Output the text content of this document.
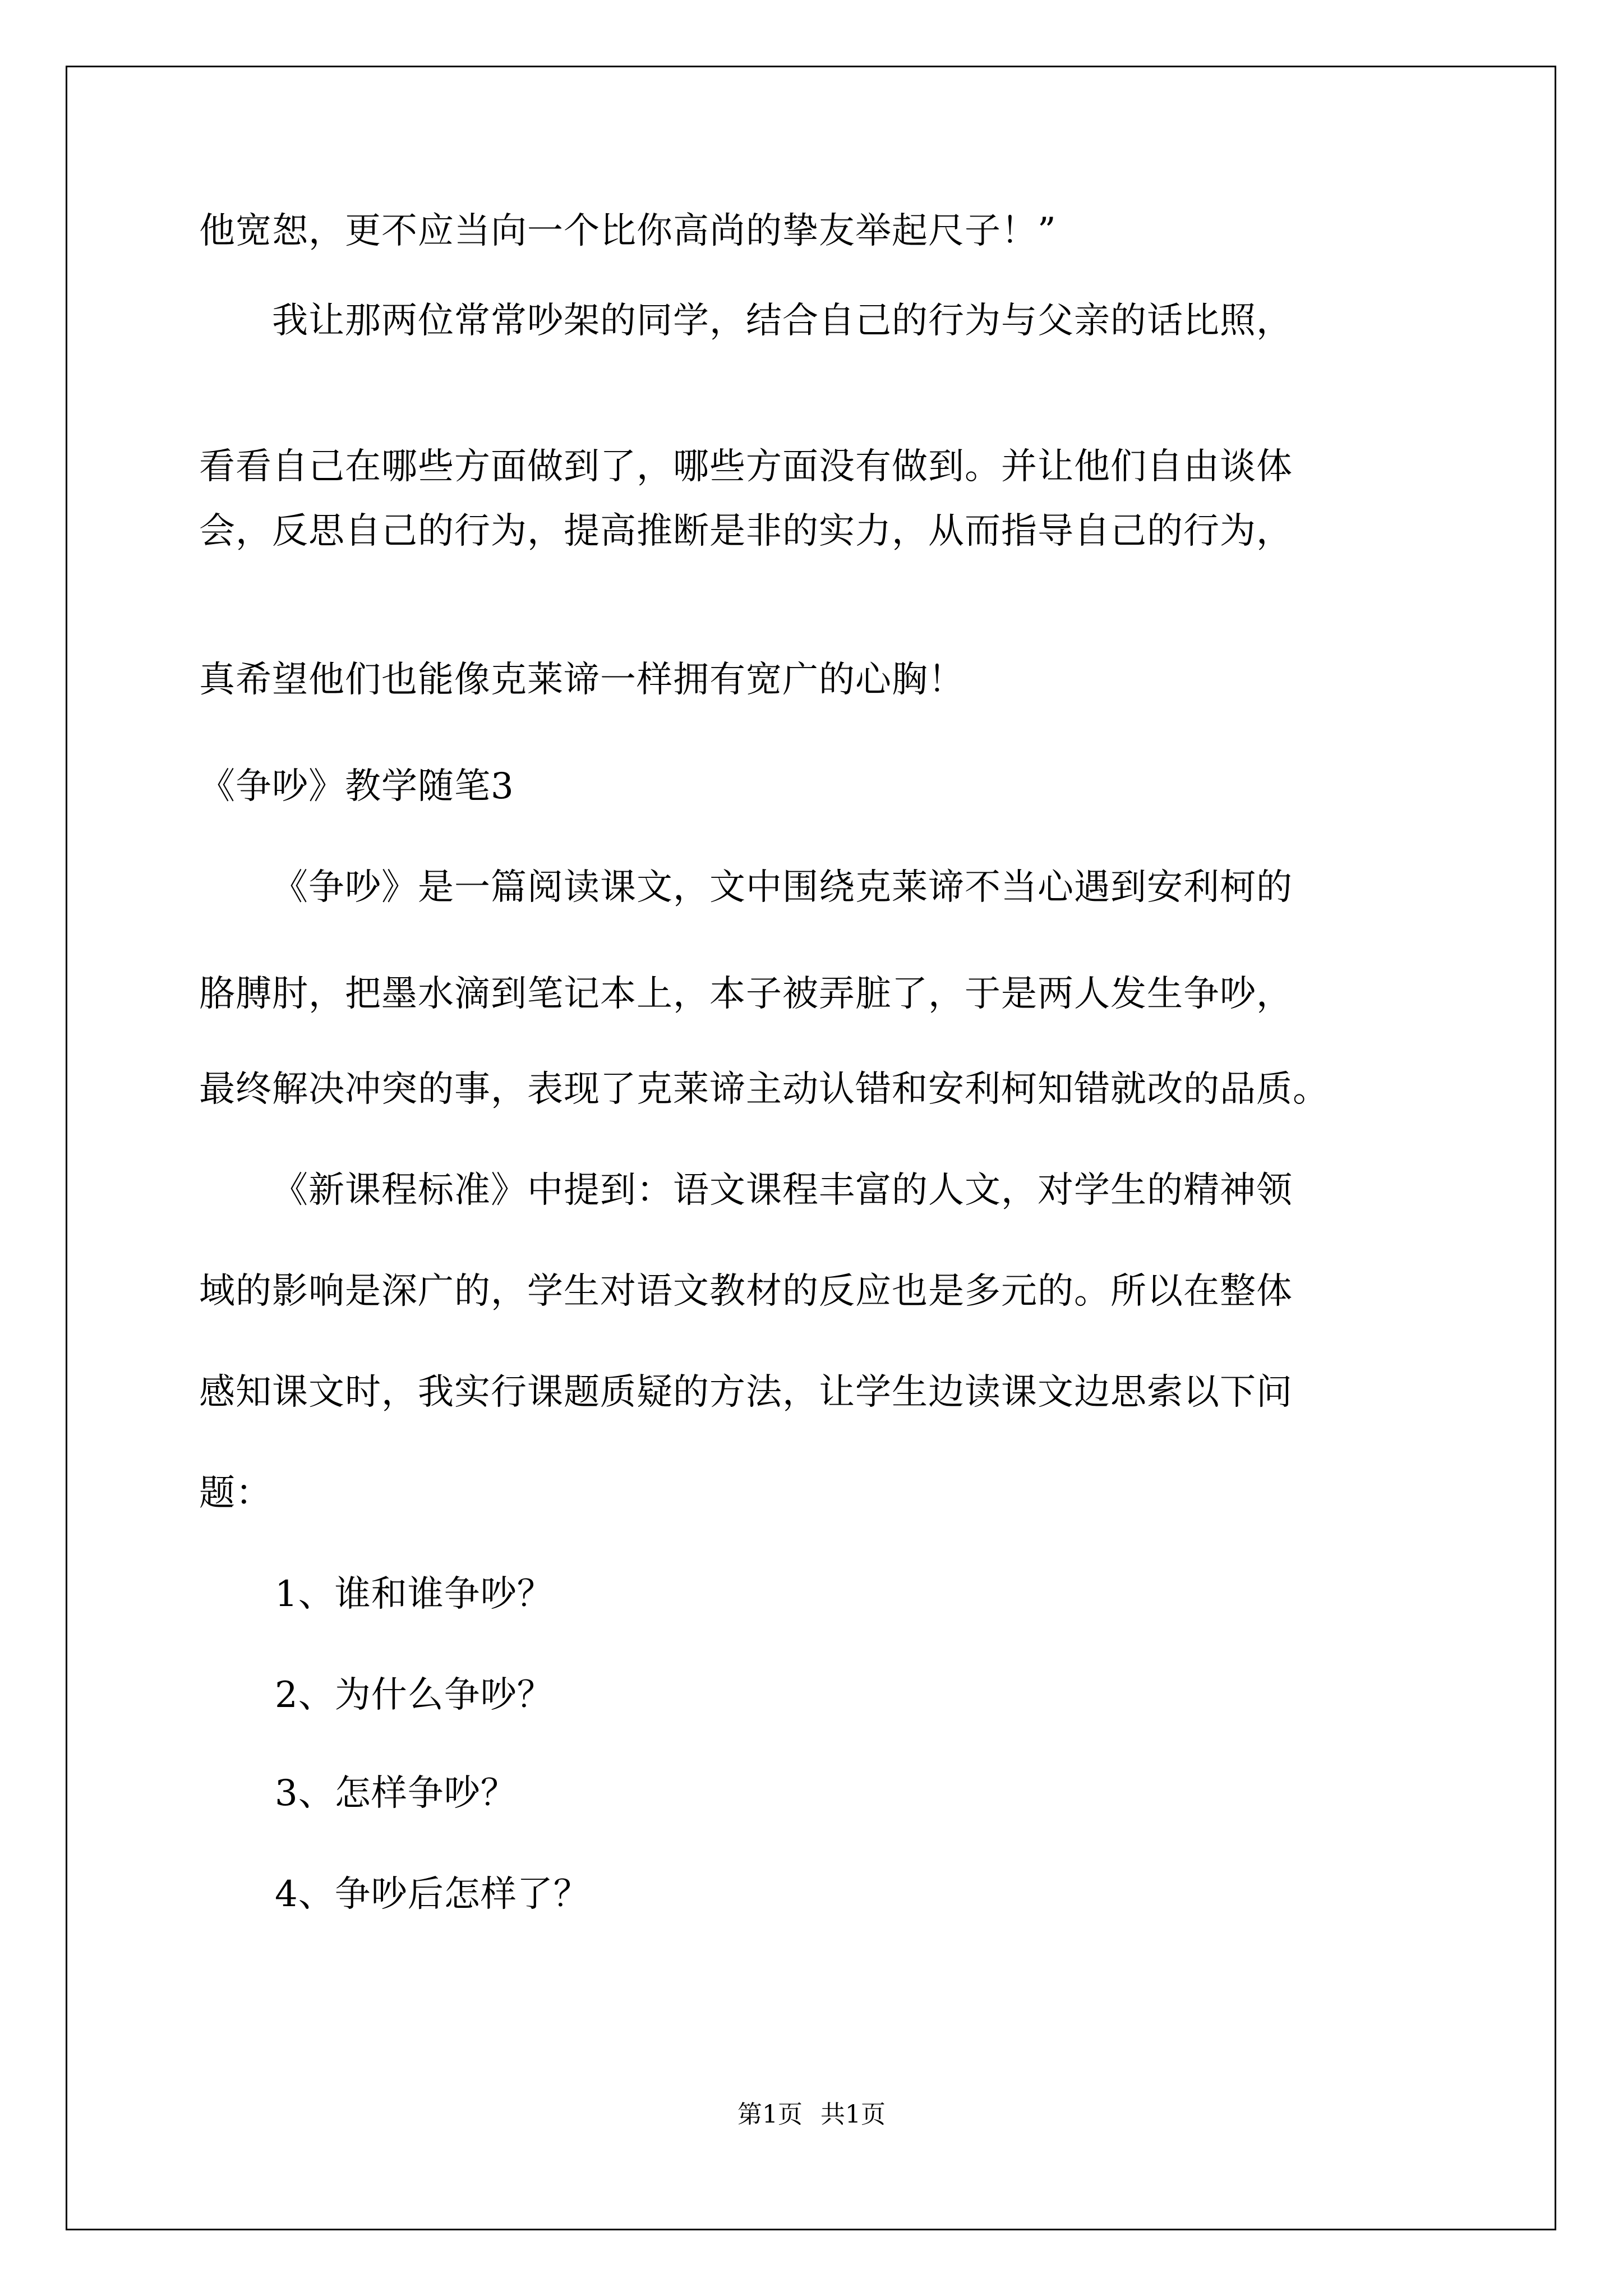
他宽恕，更不应当向一个比你高尚的挚友举起尺子！”
我让那两位常常吵架的同学，结合自己的行为与父亲的话比照，
看看自己在哪些方面做到了，哪些方面没有做到。并让他们自由谈体
会，反思自己的行为，提高推断是非的实力，从而指导自己的行为，
真希望他们也能像克莱谛一样拥有宽广的心胸！
《争吵》教学随笔3
《争吵》是一篇阅读课文，文中围绕克莱谛不当心遇到安利柯的
胳膊肘，把墨水滴到笔记本上，本子被弄脏了，于是两人发生争吵，
最终解决冲突的事，表现了克莱谛主动认错和安利柯知错就改的品质。
《新课程标准》中提到：语文课程丰富的人文，对学生的精神领
域的影响是深广的，学生对语文教材的反应也是多元的。所以在整体
感知课文时，我实行课题质疑的方法，让学生边读课文边思索以下问
题：
1、谁和谁争吵？
2、为什么争吵？
3、怎样争吵？
4、争吵后怎样了？
第1页 共1页
